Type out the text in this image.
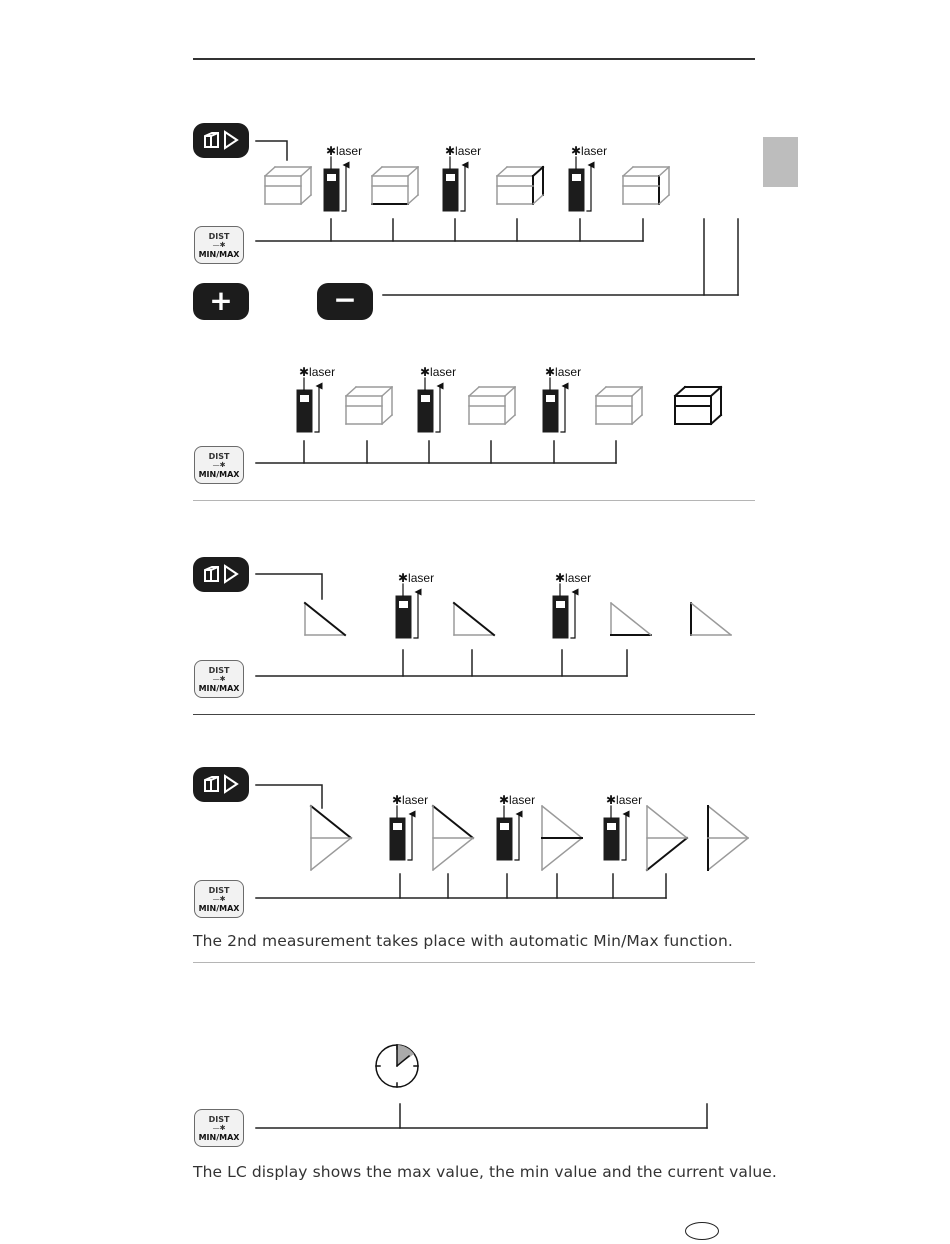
+	−
DIST
—✱
MIN/MAX
DIST
—✱
MIN/MAX
DIST
—✱
MIN/MAX
DIST
—✱
MIN/MAX
DIST
—✱
MIN/MAX
✱laser	✱laser	✱laser
✱laser	✱laser	✱laser
✱laser	✱laser
✱laser	✱laser	✱laser
The 2nd measurement takes place with automatic Min/Max function.
The LC display shows the max value, the min value and the current value.
